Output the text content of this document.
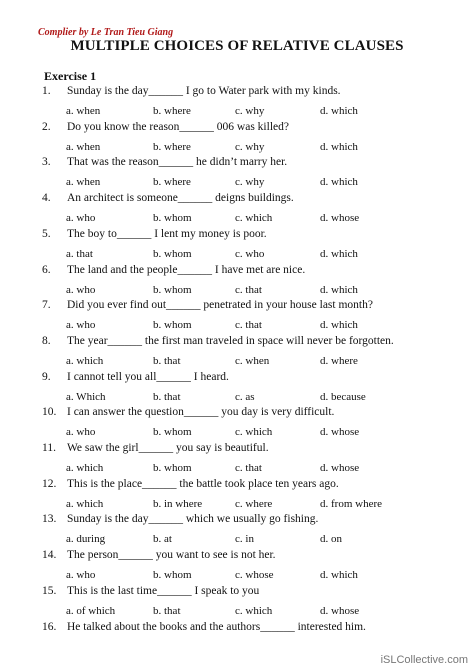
Complier by Le Tran Tieu Giang
MULTIPLE CHOICES OF RELATIVE CLAUSES
Exercise 1
1. Sunday is the day______ I go to Water park with my kinds.
a. when	b. where	c. why	d. which
2. Do you know the reason______ 006 was killed?
a. when	b. where	c. why	d. which
3. That was the reason______ he didn’t marry her.
a. when	b. where	c. why	d. which
4. An architect is someone______ deigns buildings.
a. who	b. whom	c. which	d. whose
5. The boy to______ I lent my money is poor.
a. that	b. whom	c. who	d. which
6. The land and the people______ I have met are nice.
a. who	b. whom	c. that	d. which
7. Did you ever find out______ penetrated in your house last month?
a. who	b. whom	c. that	d. which
8. The year______ the first man traveled in space will never be forgotten.
a. which	b. that	c. when	d. where
9. I cannot tell you all______ I heard.
a. Which	b. that	c. as	d. because
10. I can answer the question______ you day is very difficult.
a. who	b. whom	c. which	d. whose
11. We saw the girl______ you say is beautiful.
a. which	b. whom	c. that	d. whose
12. This is the place______ the battle took place ten years ago.
a. which	b. in where	c. where	d. from where
13. Sunday is the day______ which we usually go fishing.
a. during	b. at	c. in	d. on
14. The person______ you want to see is not her.
a. who	b. whom	c. whose	d. which
15. This is the last time______ I speak to you
a. of which	b. that	c. which	d. whose
16. He talked about the books and the authors______ interested him.
iSLCollective.com
